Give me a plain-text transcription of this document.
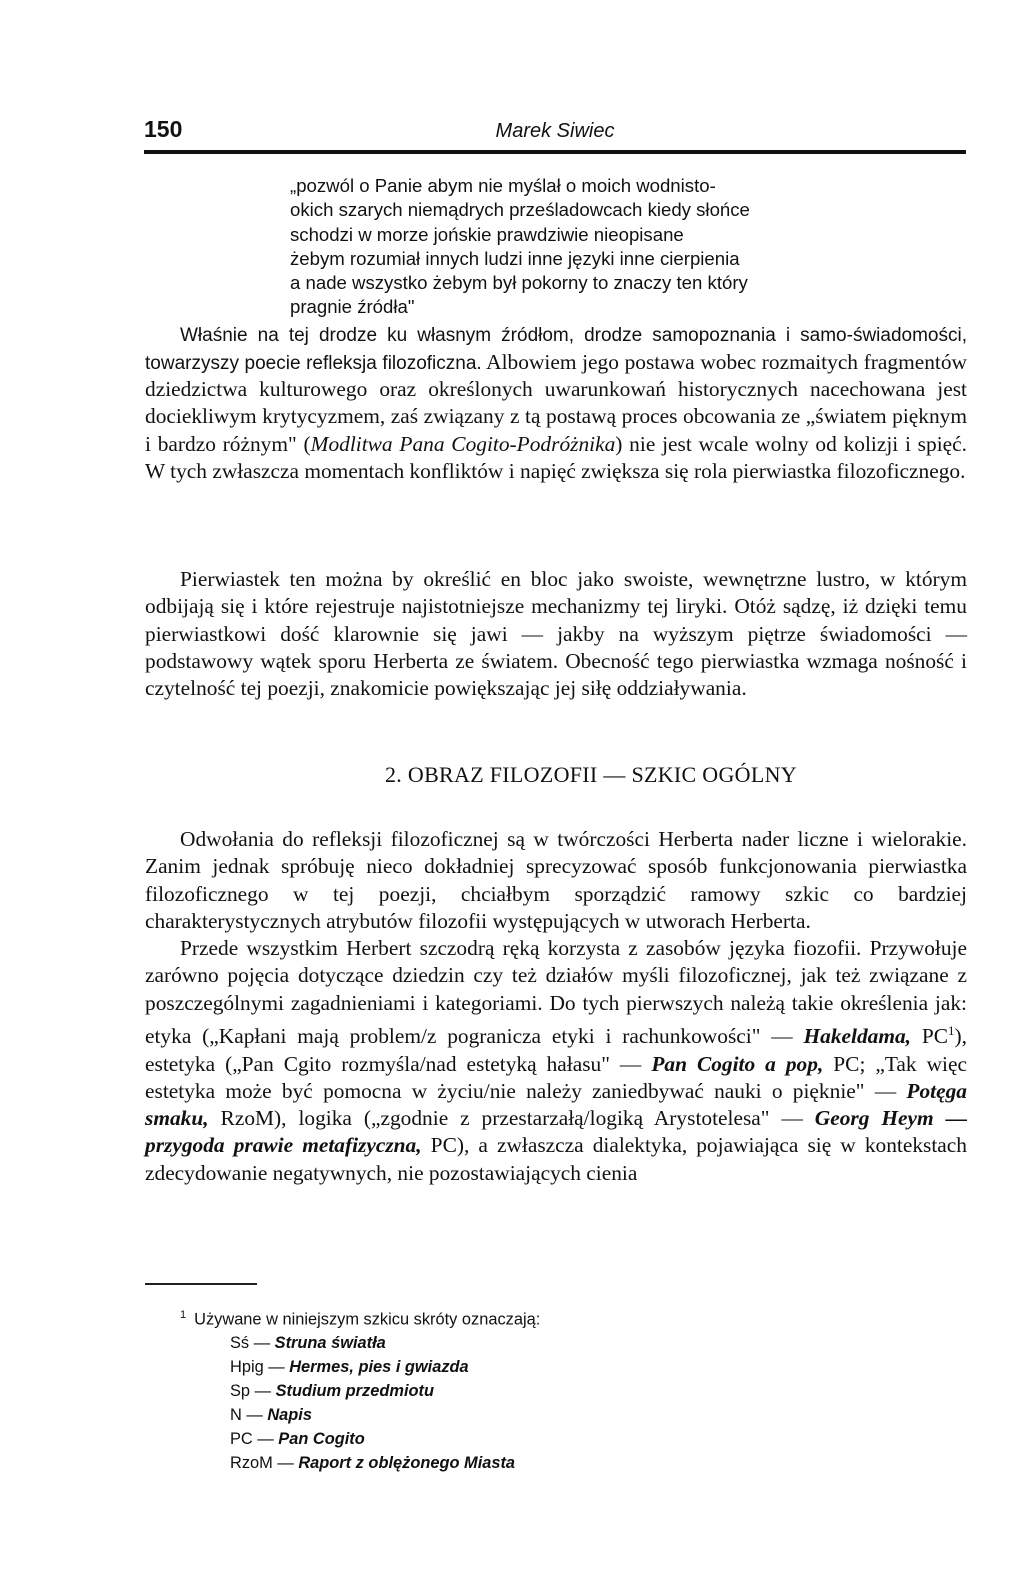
150	Marek Siwiec
„pozwól o Panie abym nie myślał o moich wodnisto-
okich szarych niemądrych prześladowcach kiedy słońce
schodzi w morze jońskie prawdziwie nieopisane
żebym rozumiał innych ludzi inne języki inne cierpienia
a nade wszystko żebym był pokorny to znaczy ten który
pragnie źródła"

Właśnie na tej drodze ku własnym źródłom, drodze samopoznania i samo-świadomości, towarzyszy poecie refleksja filozoficzna. Albowiem jego postawa wobec rozmaitych fragmentów dziedzictwa kulturowego oraz określonych uwarunkowań historycznych nacechowana jest dociekliwym krytycyzmem, zaś związany z tą postawą proces obcowania ze „światem pięknym i bardzo różnym" (Modlitwa Pana Cogito-Podróżnika) nie jest wcale wolny od kolizji i spięć. W tych zwłaszcza momentach konfliktów i napięć zwiększa się rola pierwiastka filozoficznego.

Pierwiastek ten można by określić en bloc jako swoiste, wewnętrzne lustro, w którym odbijają się i które rejestruje najistotniejsze mechanizmy tej liryki. Otóż sądzę, iż dzięki temu pierwiastkowi dość klarownie się jawi — jakby na wyższym piętrze świadomości — podstawowy wątek sporu Herberta ze światem. Obecność tego pierwiastka wzmaga nośność i czytelność tej poezji, znakomicie powiększając jej siłę oddziaływania.

2. OBRAZ FILOZOFII — SZKIC OGÓLNY

Odwołania do refleksji filozoficznej są w twórczości Herberta nader liczne i wielorakie. Zanim jednak spróbuję nieco dokładniej sprecyzować sposób funkcjonowania pierwiastka filozoficznego w tej poezji, chciałbym sporządzić ramowy szkic co bardziej charakterystycznych atrybutów filozofii występujących w utworach Herberta.

Przede wszystkim Herbert szczodrą ręką korzysta z zasobów języka fiozofii. Przywołuje zarówno pojęcia dotyczące dziedzin czy też działów myśli filozoficznej, jak też związane z poszczególnymi zagadnieniami i kategoriami. Do tych pierwszych należą takie określenia jak: etyka („Kapłani mają problem/z pogranicza etyki i rachunkowości" — Hakeldama, $PC^1$), estetyka („Pan Cgito rozmyśla/nad estetyką hałasu" — Pan Cogito a pop, PC; „Tak więc estetyka może być pomocna w życiu/nie należy zaniedbywać nauki o pięknie" — Potęga smaku, RzoM), logika („zgodnie z przestarzałą/logiką Arystotelesa" — Georg Heym — przygoda prawie metafizyczna, PC), a zwłaszcza dialektyka, pojawiająca się w kontekstach zdecydowanie negatywnych, nie pozostawiających cienia

$^1$ Używane w niniejszym szkicu skróty oznaczają:
Sś — Struna światła
Hpig — Hermes, pies i gwiazda
Sp — Studium przedmiotu
N — Napis
PC — Pan Cogito
RzoM — Raport z oblężonego Miasta
